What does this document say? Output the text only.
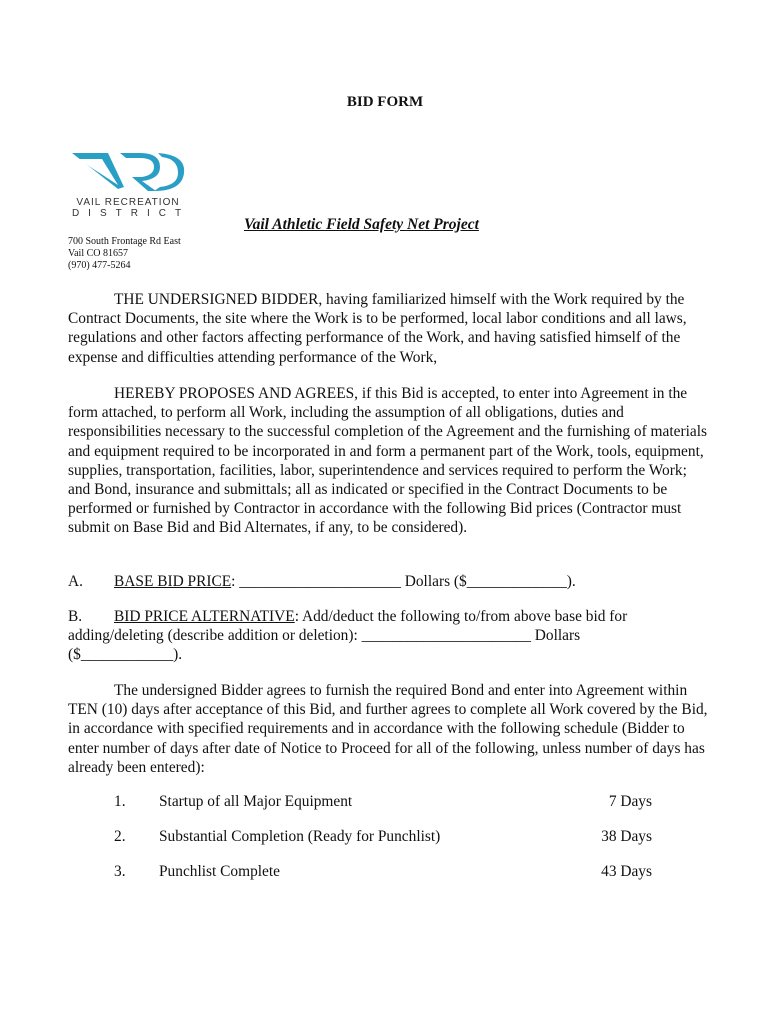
BID FORM
VAIL RECREATION
DISTRICT
Vail Athletic Field Safety Net Project
700 South Frontage Rd East
Vail CO 81657
(970) 477-5264

THE UNDERSIGNED BIDDER, having familiarized himself with the Work required by the Contract Documents, the site where the Work is to be performed, local labor conditions and all laws, regulations and other factors affecting performance of the Work, and having satisfied himself of the expense and difficulties attending performance of the Work,

HEREBY PROPOSES AND AGREES, if this Bid is accepted, to enter into Agreement in the form attached, to perform all Work, including the assumption of all obligations, duties and responsibilities necessary to the successful completion of the Agreement and the furnishing of materials and equipment required to be incorporated in and form a permanent part of the Work, tools, equipment, supplies, transportation, facilities, labor, superintendence and services required to perform the Work; and Bond, insurance and submittals; all as indicated or specified in the Contract Documents to be performed or furnished by Contractor in accordance with the following Bid prices (Contractor must submit on Base Bid and Bid Alternates, if any, to be considered).

A. BASE BID PRICE: _____________________ Dollars ($_____________).
B. BID PRICE ALTERNATIVE: Add/deduct the following to/from above base bid for
adding/deleting (describe addition or deletion): ______________________ Dollars
($____________).

The undersigned Bidder agrees to furnish the required Bond and enter into Agreement within TEN (10) days after acceptance of this Bid, and further agrees to complete all Work covered by the Bid, in accordance with specified requirements and in accordance with the following schedule (Bidder to enter number of days after date of Notice to Proceed for all of the following, unless number of days has already been entered):

1. Startup of all Major Equipment	7 Days
2. Substantial Completion (Ready for Punchlist)	38 Days
3. Punchlist Complete	43 Days
